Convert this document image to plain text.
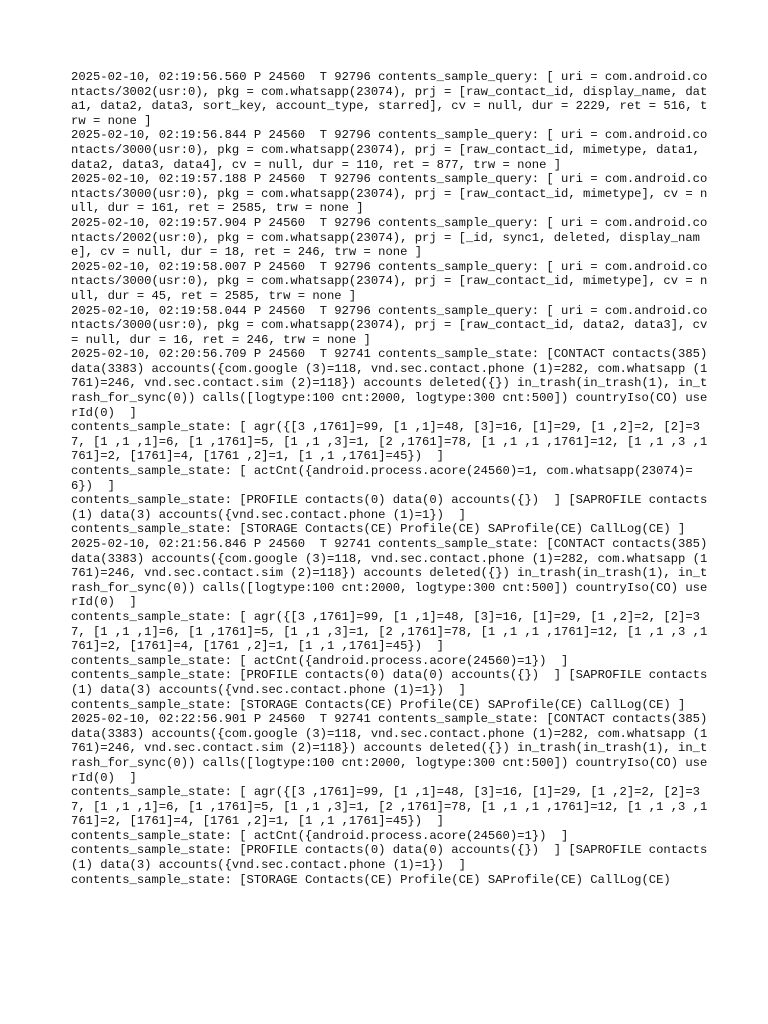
2025-02-10, 02:19:56.560 P 24560  T 92796 contents_sample_query: [ uri = com.android.contacts/3002(usr:0), pkg = com.whatsapp(23074), prj = [raw_contact_id, display_name, data1, data2, data3, sort_key, account_type, starred], cv = null, dur = 2229, ret = 516, trw = none ]

2025-02-10, 02:19:56.844 P 24560  T 92796 contents_sample_query: [ uri = com.android.contacts/3000(usr:0), pkg = com.whatsapp(23074), prj = [raw_contact_id, mimetype, data1, data2, data3, data4], cv = null, dur = 110, ret = 877, trw = none ]

2025-02-10, 02:19:57.188 P 24560  T 92796 contents_sample_query: [ uri = com.android.contacts/3000(usr:0), pkg = com.whatsapp(23074), prj = [raw_contact_id, mimetype], cv = null, dur = 161, ret = 2585, trw = none ]

2025-02-10, 02:19:57.904 P 24560  T 92796 contents_sample_query: [ uri = com.android.contacts/2002(usr:0), pkg = com.whatsapp(23074), prj = [_id, sync1, deleted, display_name], cv = null, dur = 18, ret = 246, trw = none ]

2025-02-10, 02:19:58.007 P 24560  T 92796 contents_sample_query: [ uri = com.android.contacts/3000(usr:0), pkg = com.whatsapp(23074), prj = [raw_contact_id, mimetype], cv = null, dur = 45, ret = 2585, trw = none ]

2025-02-10, 02:19:58.044 P 24560  T 92796 contents_sample_query: [ uri = com.android.contacts/3000(usr:0), pkg = com.whatsapp(23074), prj = [raw_contact_id, data2, data3], cv = null, dur = 16, ret = 246, trw = none ]

2025-02-10, 02:20:56.709 P 24560  T 92741 contents_sample_state: [CONTACT contacts(385) data(3383) accounts({com.google (3)=118, vnd.sec.contact.phone (1)=282, com.whatsapp (1761)=246, vnd.sec.contact.sim (2)=118}) accounts deleted({}) in_trash(in_trash(1), in_trash_for_sync(0)) calls([logtype:100 cnt:2000, logtype:300 cnt:500]) countryIso(CO) userId(0)  ]

contents_sample_state: [ agr({[3 ,1761]=99, [1 ,1]=48, [3]=16, [1]=29, [1 ,2]=2, [2]=37, [1 ,1 ,1]=6, [1 ,1761]=5, [1 ,1 ,3]=1, [2 ,1761]=78, [1 ,1 ,1 ,1761]=12, [1 ,1 ,3 ,1761]=2, [1761]=4, [1761 ,2]=1, [1 ,1 ,1761]=45})  ]

contents_sample_state: [ actCnt({android.process.acore(24560)=1, com.whatsapp(23074)=6})  ]

contents_sample_state: [PROFILE contacts(0) data(0) accounts({})  ] [SAPROFILE contacts(1) data(3) accounts({vnd.sec.contact.phone (1)=1})  ]

contents_sample_state: [STORAGE Contacts(CE) Profile(CE) SAProfile(CE) CallLog(CE) ]

2025-02-10, 02:21:56.846 P 24560  T 92741 contents_sample_state: [CONTACT contacts(385) data(3383) accounts({com.google (3)=118, vnd.sec.contact.phone (1)=282, com.whatsapp (1761)=246, vnd.sec.contact.sim (2)=118}) accounts deleted({}) in_trash(in_trash(1), in_trash_for_sync(0)) calls([logtype:100 cnt:2000, logtype:300 cnt:500]) countryIso(CO) userId(0)  ]

contents_sample_state: [ agr({[3 ,1761]=99, [1 ,1]=48, [3]=16, [1]=29, [1 ,2]=2, [2]=37, [1 ,1 ,1]=6, [1 ,1761]=5, [1 ,1 ,3]=1, [2 ,1761]=78, [1 ,1 ,1 ,1761]=12, [1 ,1 ,3 ,1761]=2, [1761]=4, [1761 ,2]=1, [1 ,1 ,1761]=45})  ]

contents_sample_state: [ actCnt({android.process.acore(24560)=1})  ]

contents_sample_state: [PROFILE contacts(0) data(0) accounts({})  ] [SAPROFILE contacts(1) data(3) accounts({vnd.sec.contact.phone (1)=1})  ]

contents_sample_state: [STORAGE Contacts(CE) Profile(CE) SAProfile(CE) CallLog(CE) ]

2025-02-10, 02:22:56.901 P 24560  T 92741 contents_sample_state: [CONTACT contacts(385) data(3383) accounts({com.google (3)=118, vnd.sec.contact.phone (1)=282, com.whatsapp (1761)=246, vnd.sec.contact.sim (2)=118}) accounts deleted({}) in_trash(in_trash(1), in_trash_for_sync(0)) calls([logtype:100 cnt:2000, logtype:300 cnt:500]) countryIso(CO) userId(0)  ]

contents_sample_state: [ agr({[3 ,1761]=99, [1 ,1]=48, [3]=16, [1]=29, [1 ,2]=2, [2]=37, [1 ,1 ,1]=6, [1 ,1761]=5, [1 ,1 ,3]=1, [2 ,1761]=78, [1 ,1 ,1 ,1761]=12, [1 ,1 ,3 ,1761]=2, [1761]=4, [1761 ,2]=1, [1 ,1 ,1761]=45})  ]

contents_sample_state: [ actCnt({android.process.acore(24560)=1})  ]

contents_sample_state: [PROFILE contacts(0) data(0) accounts({})  ] [SAPROFILE contacts(1) data(3) accounts({vnd.sec.contact.phone (1)=1})  ]

contents_sample_state: [STORAGE Contacts(CE) Profile(CE) SAProfile(CE) CallLog(CE)
